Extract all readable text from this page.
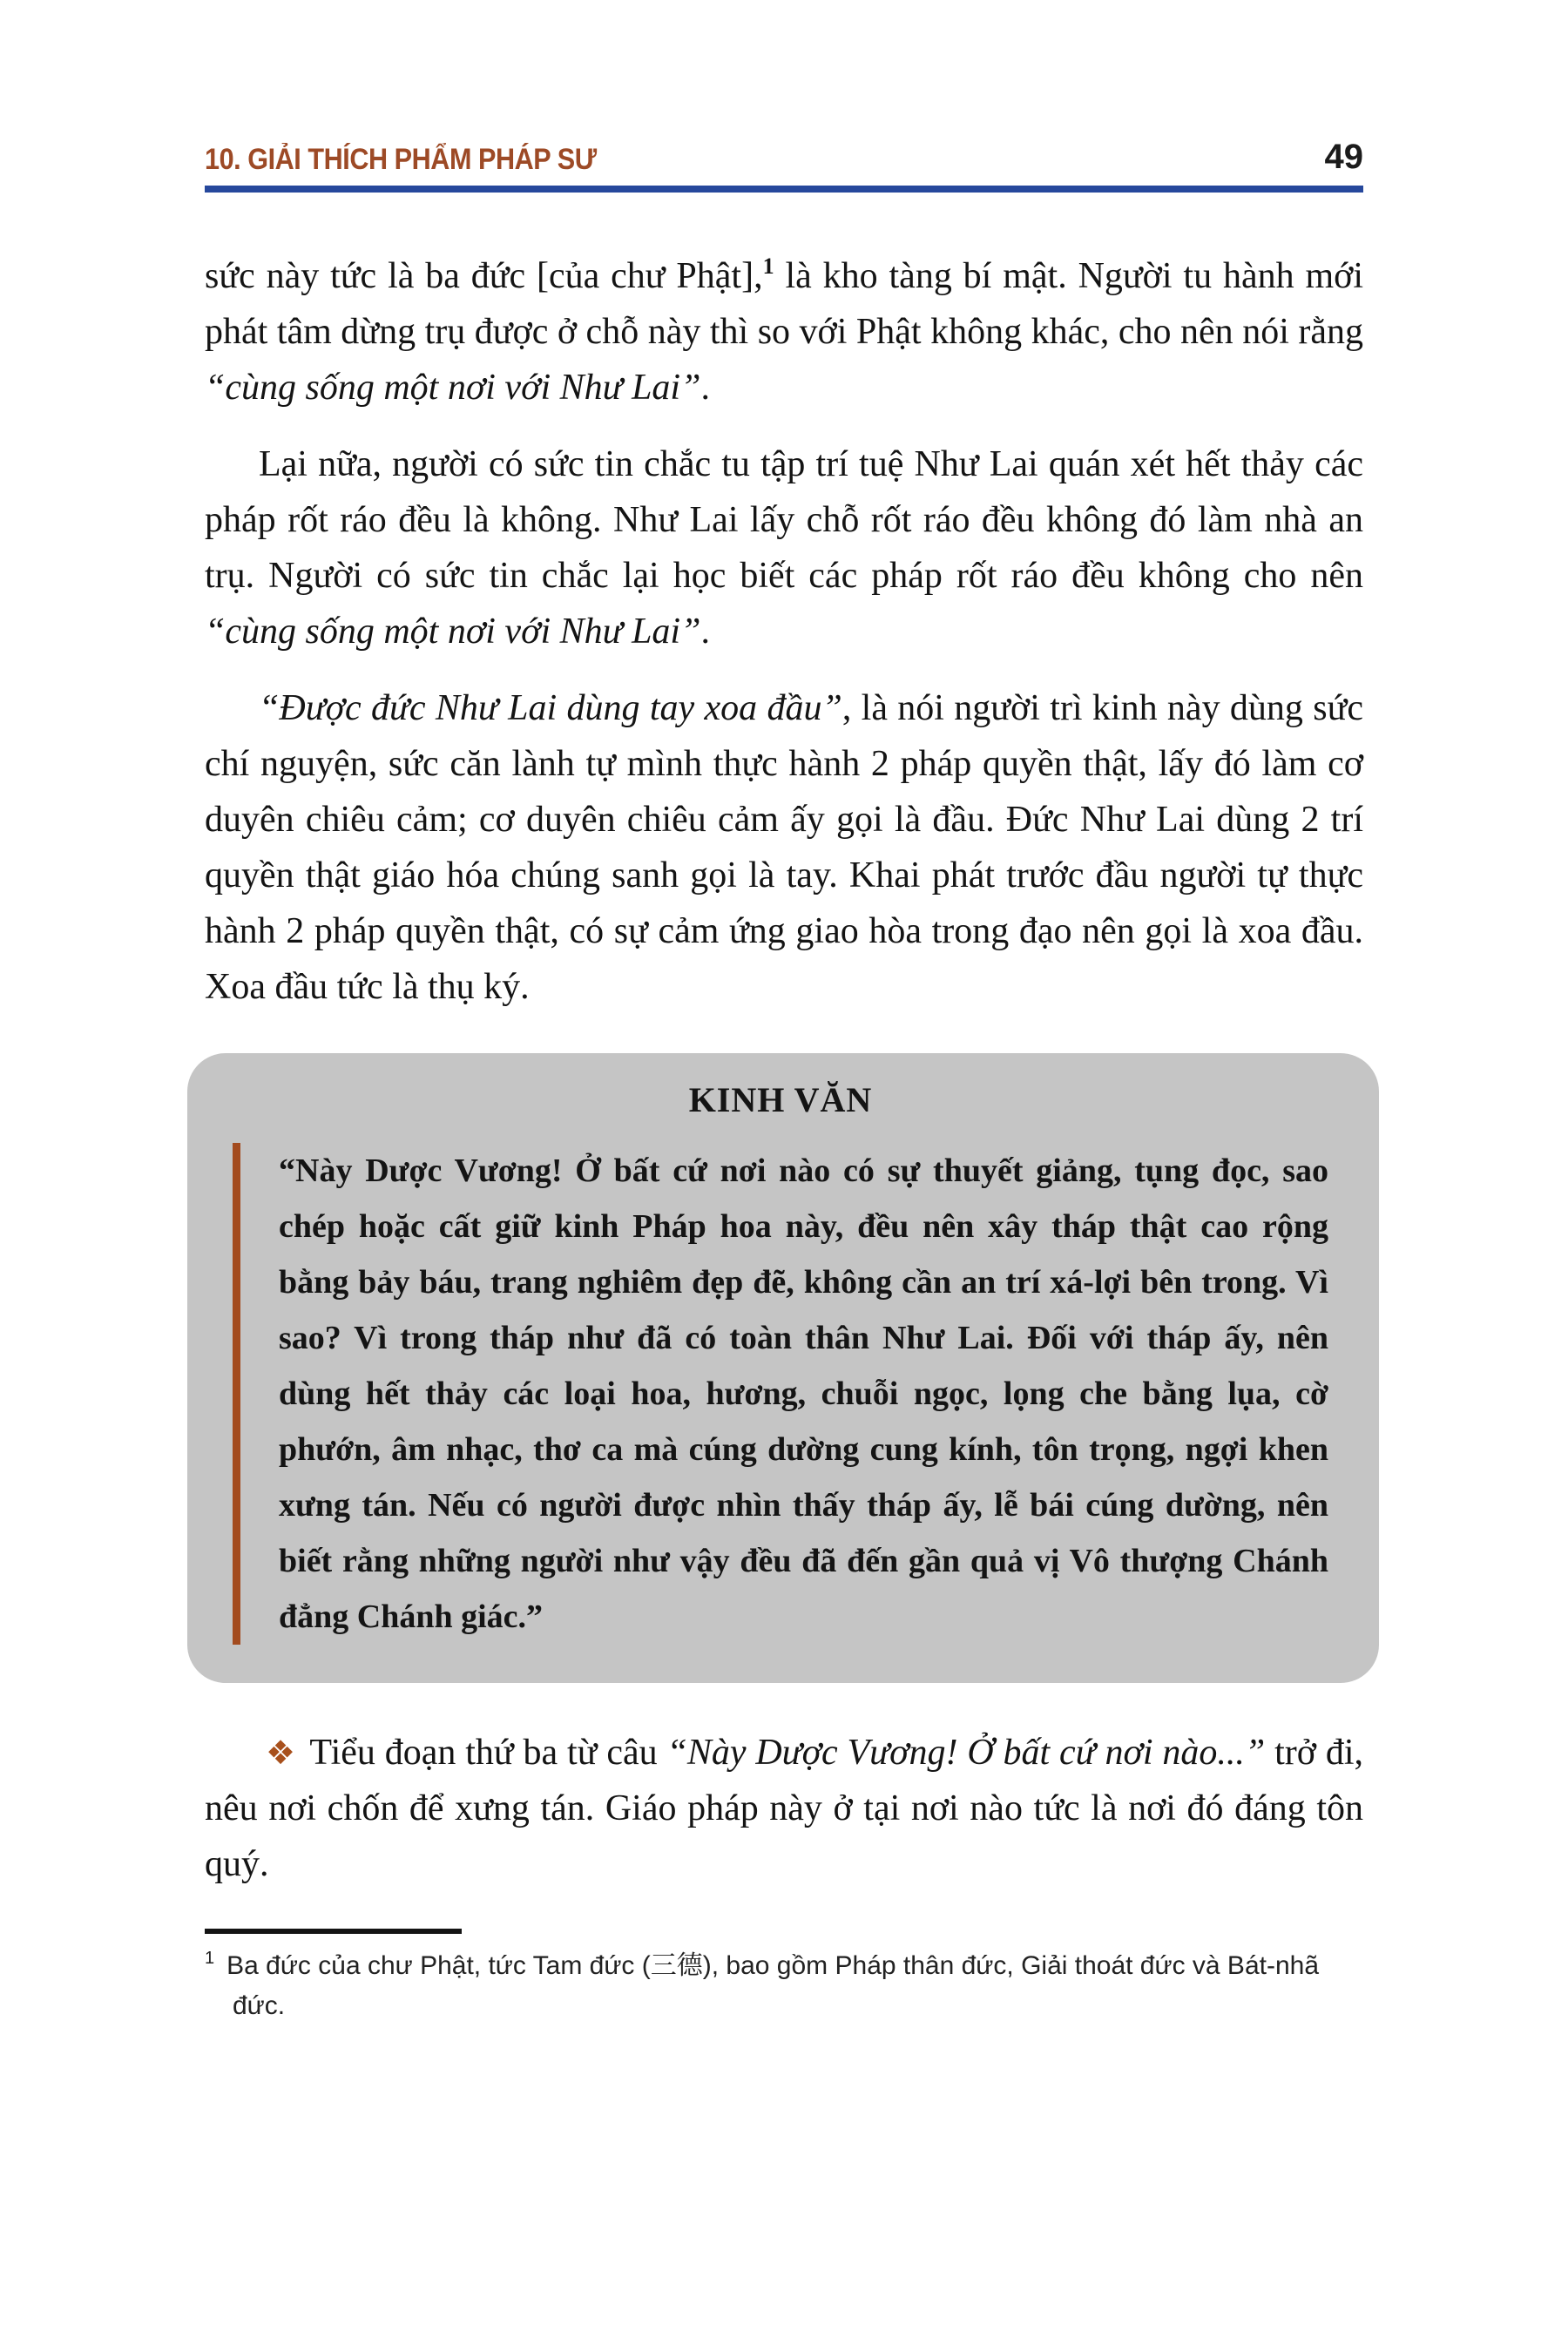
10. GIẢI THÍCH PHẨM PHÁP SƯ	49

sức này tức là ba đức [của chư Phật],$^1$ là kho tàng bí mật. Người tu hành mới phát tâm dừng trụ được ở chỗ này thì so với Phật không khác, cho nên nói rằng “cùng sống một nơi với Như Lai”.

Lại nữa, người có sức tin chắc tu tập trí tuệ Như Lai quán xét hết thảy các pháp rốt ráo đều là không. Như Lai lấy chỗ rốt ráo đều không đó làm nhà an trụ. Người có sức tin chắc lại học biết các pháp rốt ráo đều không cho nên “cùng sống một nơi với Như Lai”.

“Được đức Như Lai dùng tay xoa đầu”, là nói người trì kinh này dùng sức chí nguyện, sức căn lành tự mình thực hành 2 pháp quyền thật, lấy đó làm cơ duyên chiêu cảm; cơ duyên chiêu cảm ấy gọi là đầu. Đức Như Lai dùng 2 trí quyền thật giáo hóa chúng sanh gọi là tay. Khai phát trước đầu người tự thực hành 2 pháp quyền thật, có sự cảm ứng giao hòa trong đạo nên gọi là xoa đầu. Xoa đầu tức là thụ ký.

KINH VĂN

“Này Dược Vương! Ở bất cứ nơi nào có sự thuyết giảng, tụng đọc, sao chép hoặc cất giữ kinh Pháp hoa này, đều nên xây tháp thật cao rộng bằng bảy báu, trang nghiêm đẹp đẽ, không cần an trí xá-lợi bên trong. Vì sao? Vì trong tháp như đã có toàn thân Như Lai. Đối với tháp ấy, nên dùng hết thảy các loại hoa, hương, chuỗi ngọc, lọng che bằng lụa, cờ phướn, âm nhạc, thơ ca mà cúng dường cung kính, tôn trọng, ngợi khen xưng tán. Nếu có người được nhìn thấy tháp ấy, lễ bái cúng dường, nên biết rằng những người như vậy đều đã đến gần quả vị Vô thượng Chánh đẳng Chánh giác.”

❖ Tiểu đoạn thứ ba từ câu “Này Dược Vương! Ở bất cứ nơi nào...” trở đi, nêu nơi chốn để xưng tán. Giáo pháp này ở tại nơi nào tức là nơi đó đáng tôn quý.

$^1$ Ba đức của chư Phật, tức Tam đức (三德), bao gồm Pháp thân đức, Giải thoát đức và Bát-nhã đức.
